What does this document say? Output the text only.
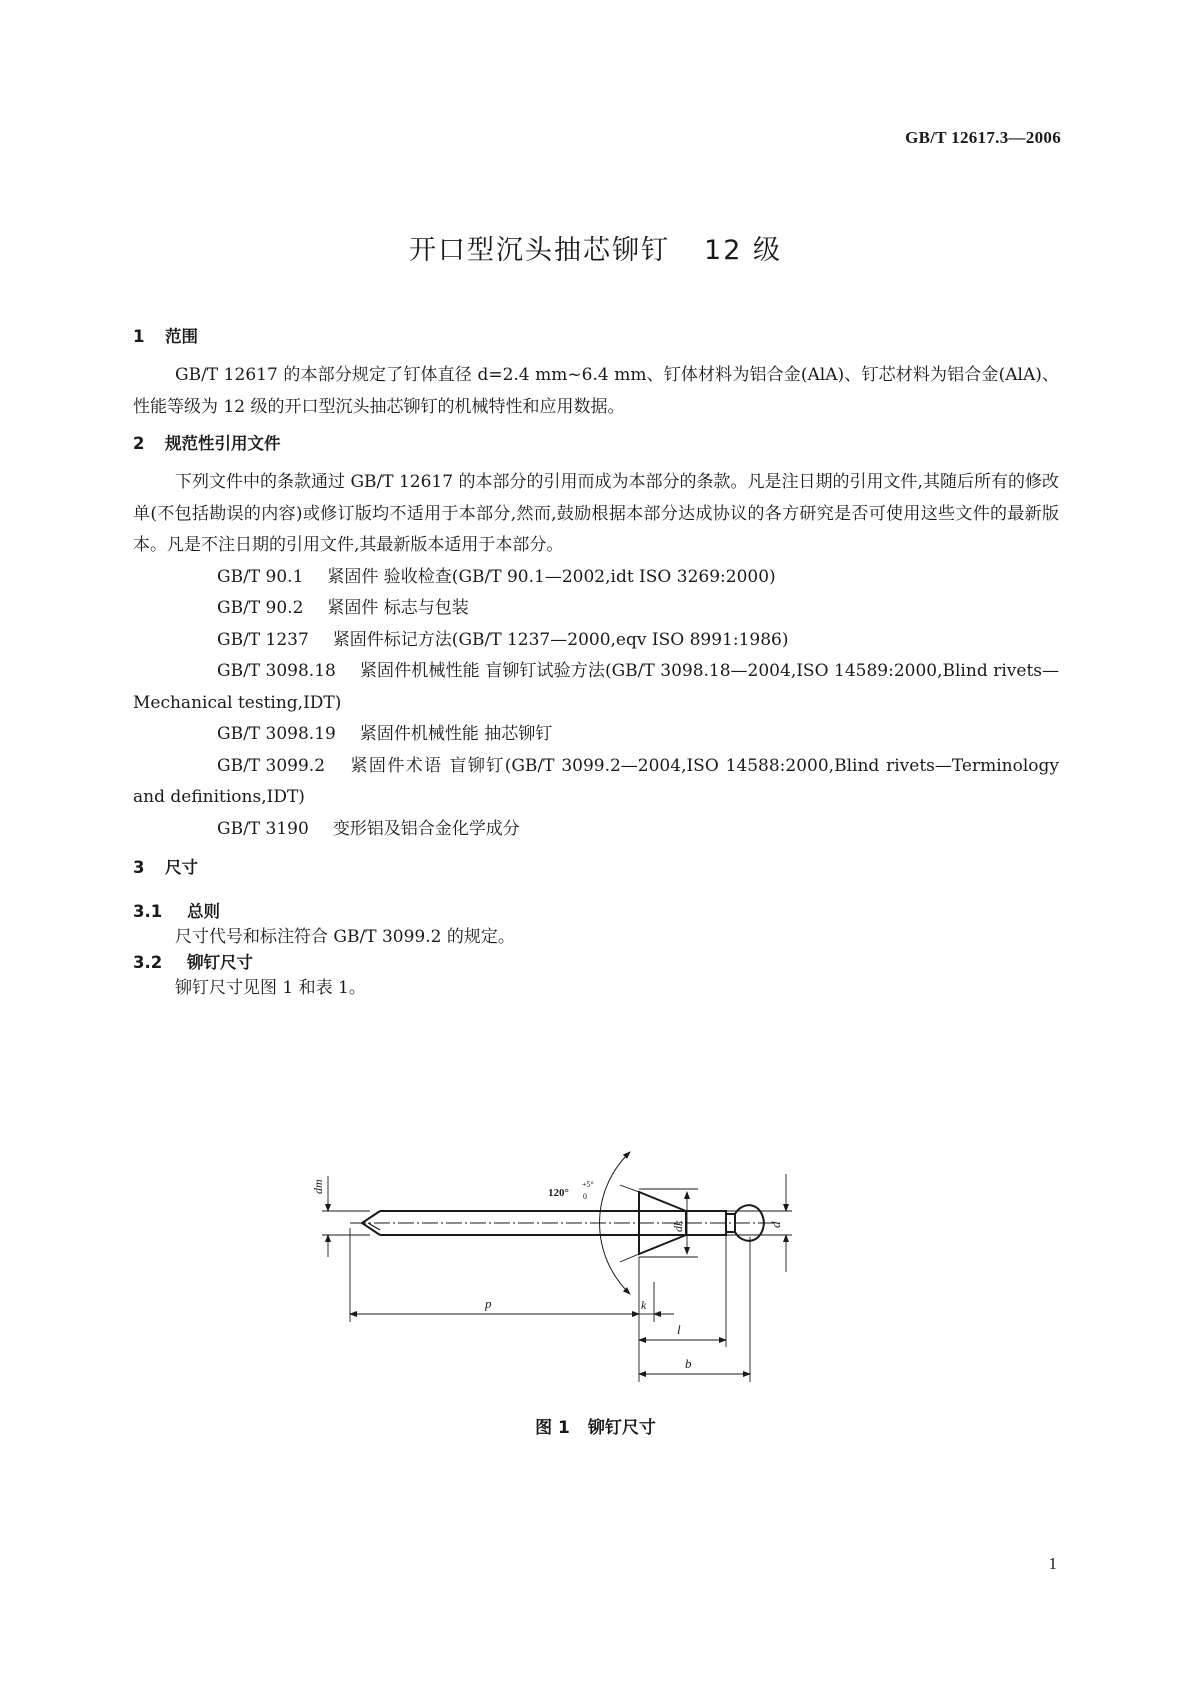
GB/T 12617.3—2006
开口型沉头抽芯铆钉 12 级
1 范围

GB/T 12617 的本部分规定了钉体直径 d=2.4 mm~6.4 mm、钉体材料为铝合金(AlA)、钉芯材料为铝合金(AlA)、性能等级为 12 级的开口型沉头抽芯铆钉的机械特性和应用数据。

2 规范性引用文件

下列文件中的条款通过 GB/T 12617 的本部分的引用而成为本部分的条款。凡是注日期的引用文件,其随后所有的修改单(不包括勘误的内容)或修订版均不适用于本部分,然而,鼓励根据本部分达成协议的各方研究是否可使用这些文件的最新版本。凡是不注日期的引用文件,其最新版本适用于本部分。

GB/T 90.1 紧固件 验收检查(GB/T 90.1—2002,idt ISO 3269:2000)

GB/T 90.2 紧固件 标志与包装

GB/T 1237 紧固件标记方法(GB/T 1237—2000,eqv ISO 8991:1986)

GB/T 3098.18 紧固件机械性能 盲铆钉试验方法(GB/T 3098.18—2004,ISO 14589:2000,Blind rivets—Mechanical testing,IDT)

GB/T 3098.19 紧固件机械性能 抽芯铆钉

GB/T 3099.2 紧固件术语 盲铆钉(GB/T 3099.2—2004,ISO 14588:2000,Blind rivets—Terminology and definitions,IDT)

GB/T 3190 变形铝及铝合金化学成分

3 尺寸
3.1 总则

尺寸代号和标注符合 GB/T 3099.2 的规定。

3.2 铆钉尺寸

铆钉尺寸见图 1 和表 1。

120°
+5°
0
dm
dk	d
p	k
l
b
图 1 铆钉尺寸
1
